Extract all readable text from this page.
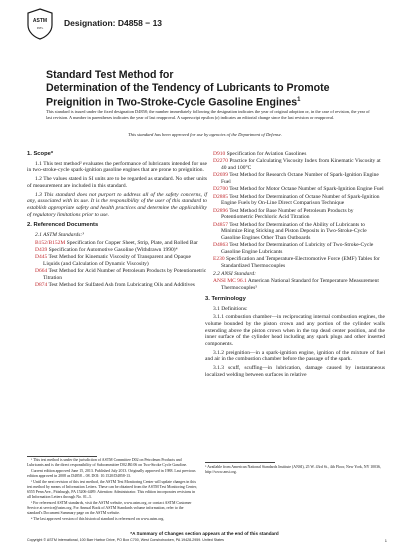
ASTM
INTL Designation: D4858 − 13
Standard Test Method for
Determination of the Tendency of Lubricants to Promote
Preignition in Two-Stroke-Cycle Gasoline Engines$^1$
This standard is issued under the fixed designation D4858; the number immediately following the designation indicates the year of original adoption or, in the case of revision, the year of last revision. A number in parentheses indicates the year of last reapproval. A superscript epsilon (ε) indicates an editorial change since the last revision or reapproval.
This standard has been approved for use by agencies of the Department of Defense.
1. Scope*

1.1 This test method² evaluates the performance of lubricants intended for use in two-stroke-cycle spark-ignition gasoline engines that are prone to preignition.

1.2 The values stated in SI units are to be regarded as standard. No other units of measurement are included in this standard.

1.3 This standard does not purport to address all of the safety concerns, if any, associated with its use. It is the responsibility of the user of this standard to establish appropriate safety and health practices and determine the applicability of regulatory limitations prior to use.

2. Referenced Documents
2.1 ASTM Standards:³

B152/B152M Specification for Copper Sheet, Strip, Plate, and Rolled Bar

D439 Specification for Automotive Gasoline (Withdrawn 1990)⁴

D445 Test Method for Kinematic Viscosity of Transparent and Opaque Liquids (and Calculation of Dynamic Viscosity)

D664 Test Method for Acid Number of Petroleum Products by Potentiometric Titration

D874 Test Method for Sulfated Ash from Lubricating Oils and Additives

D910 Specification for Aviation Gasolines

D2270 Practice for Calculating Viscosity Index from Kinematic Viscosity at 40 and 100°C

D2699 Test Method for Research Octane Number of Spark-Ignition Engine Fuel

D2700 Test Method for Motor Octane Number of Spark-Ignition Engine Fuel

D2885 Test Method for Determination of Octane Number of Spark-Ignition Engine Fuels by On-Line Direct Comparison Technique

D2896 Test Method for Base Number of Petroleum Products by Potentiometric Perchloric Acid Titration

D4857 Test Method for Determination of the Ability of Lubricants to Minimize Ring Sticking and Piston Deposits in Two-Stroke-Cycle Gasoline Engines Other Than Outboards

D4863 Test Method for Determination of Lubricity of Two-Stroke-Cycle Gasoline Engine Lubricants

E230 Specification and Temperature-Electromotive Force (EMF) Tables for Standardized Thermocouples

2.2 ANSI Standard:

ANSI MC 96.1 American National Standard for Temperature Measurement Thermocouples⁵

3. Terminology

3.1 Definitions:

3.1.1 combustion chamber—in reciprocating internal combustion engines, the volume bounded by the piston crown and any portion of the cylinder walls extending above the piston crown when in the top dead center position, and the inner surface of the cylinder head including any spark plugs and other inserted components.

3.1.2 preignition—in a spark-ignition engine, ignition of the mixture of fuel and air in the combustion chamber before the passage of the spark.

3.1.3 scuff, scuffing—in lubrication, damage caused by instantaneous localized welding between surfaces in relative

¹ This test method is under the jurisdiction of ASTM Committee D02 on Petroleum Products and Lubricants and is the direct responsibility of Subcommittee D02.B0.06 on Two-Stroke Cycle Gasoline.

Current edition approved June 15, 2013. Published July 2013. Originally approved in 1988. Last previous edition approved in 2008 as D4858 – 08. DOI: 10.1520/D4858-13.

² Until the next revision of this test method, the ASTM Test Monitoring Center will update changes in this test method by means of Information Letters. These can be obtained from the ASTM Test Monitoring Center, 6555 Penn Ave., Pittsburgh, PA 15206-4489. Attention: Administrator. This edition incorporates revisions in all Information Letters through No. 01–3.

³ For referenced ASTM standards, visit the ASTM website, www.astm.org, or contact ASTM Customer Service at service@astm.org. For Annual Book of ASTM Standards volume information, refer to the standard's Document Summary page on the ASTM website.

⁴ The last approved version of this historical standard is referenced on www.astm.org.

⁵ Available from American National Standards Institute (ANSI), 25 W. 43rd St., 4th Floor, New York, NY 10036, http://www.ansi.org.
*A Summary of Changes section appears at the end of this standard
Copyright © ASTM International, 100 Barr Harbor Drive, PO Box C700, West Conshohocken, PA 19428-2959. United States	1
